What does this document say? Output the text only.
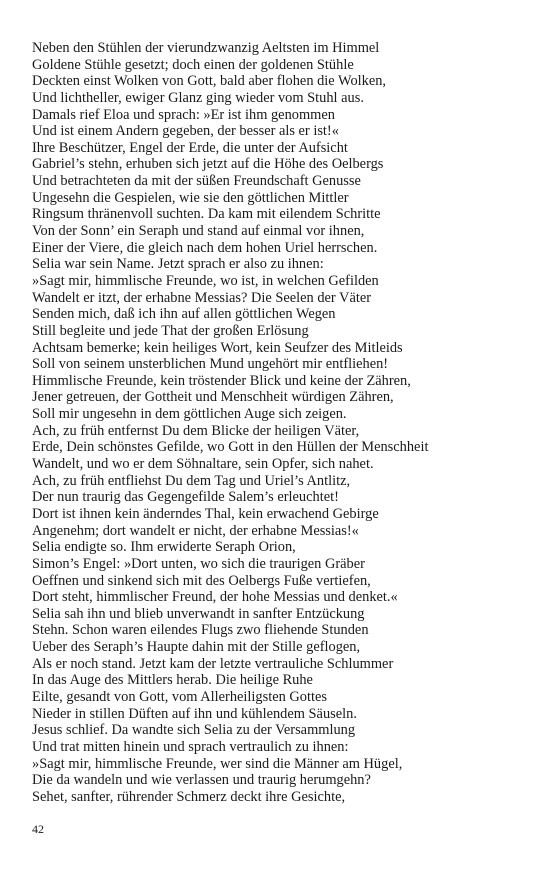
Neben den Stühlen der vierundzwanzig Aeltsten im Himmel
Goldene Stühle gesetzt; doch einen der goldenen Stühle
Deckten einst Wolken von Gott, bald aber flohen die Wolken,
Und lichtheller, ewiger Glanz ging wieder vom Stuhl aus.
Damals rief Eloa und sprach: »Er ist ihm genommen
Und ist einem Andern gegeben, der besser als er ist!«
Ihre Beschützer, Engel der Erde, die unter der Aufsicht
Gabriel’s stehn, erhuben sich jetzt auf die Höhe des Oelbergs
Und betrachteten da mit der süßen Freundschaft Genusse
Ungesehn die Gespielen, wie sie den göttlichen Mittler
Ringsum thränenvoll suchten. Da kam mit eilendem Schritte
Von der Sonn’ ein Seraph und stand auf einmal vor ihnen,
Einer der Viere, die gleich nach dem hohen Uriel herrschen.
Selia war sein Name. Jetzt sprach er also zu ihnen:
»Sagt mir, himmlische Freunde, wo ist, in welchen Gefilden
Wandelt er itzt, der erhabne Messias? Die Seelen der Väter
Senden mich, daß ich ihn auf allen göttlichen Wegen
Still begleite und jede That der großen Erlösung
Achtsam bemerke; kein heiliges Wort, kein Seufzer des Mitleids
Soll von seinem unsterblichen Mund ungehört mir entfliehen!
Himmlische Freunde, kein tröstender Blick und keine der Zähren,
Jener getreuen, der Gottheit und Menschheit würdigen Zähren,
Soll mir ungesehn in dem göttlichen Auge sich zeigen.
Ach, zu früh entfernst Du dem Blicke der heiligen Väter,
Erde, Dein schönstes Gefilde, wo Gott in den Hüllen der Menschheit
Wandelt, und wo er dem Söhnaltare, sein Opfer, sich nahet.
Ach, zu früh entfliehst Du dem Tag und Uriel’s Antlitz,
Der nun traurig das Gegengefilde Salem’s erleuchtet!
Dort ist ihnen kein änderndes Thal, kein erwachend Gebirge
Angenehm; dort wandelt er nicht, der erhabne Messias!«
Selia endigte so. Ihm erwiderte Seraph Orion,
Simon’s Engel: »Dort unten, wo sich die traurigen Gräber
Oeffnen und sinkend sich mit des Oelbergs Fuße vertiefen,
Dort steht, himmlischer Freund, der hohe Messias und denket.«
Selia sah ihn und blieb unverwandt in sanfter Entzückung
Stehn. Schon waren eilendes Flugs zwo fliehende Stunden
Ueber des Seraph’s Haupte dahin mit der Stille geflogen,
Als er noch stand. Jetzt kam der letzte vertrauliche Schlummer
In das Auge des Mittlers herab. Die heilige Ruhe
Eilte, gesandt von Gott, vom Allerheiligsten Gottes
Nieder in stillen Düften auf ihn und kühlendem Säuseln.
Jesus schlief. Da wandte sich Selia zu der Versammlung
Und trat mitten hinein und sprach vertraulich zu ihnen:
»Sagt mir, himmlische Freunde, wer sind die Männer am Hügel,
Die da wandeln und wie verlassen und traurig herumgehn?
Sehet, sanfter, rührender Schmerz deckt ihre Gesichte,
42
